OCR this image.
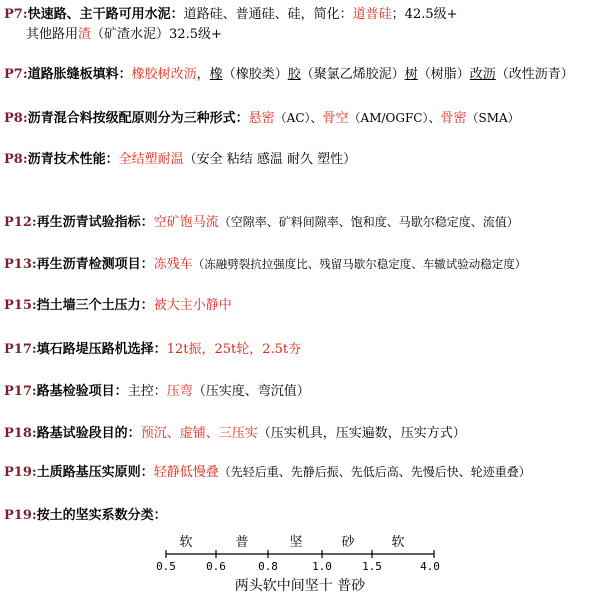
P7:快速路、主干路可用水泥：道路硅、普通硅、硅，简化：道普硅；42.5级+
其他路用渣（矿渣水泥）32.5级+
P7:道路胀缝板填料：橡胶树改沥，橡（橡胶类）胶（聚氯乙烯胶泥）树（树脂）改沥（改性沥青）
P8:沥青混合料按级配原则分为三种形式：悬密（AC）、骨空（AM/OGFC）、骨密（SMA）
P8:沥青技术性能：全结塑耐温（安全 粘结 感温 耐久 塑性）
P12:再生沥青试验指标：空矿饱马流（空隙率、矿料间隙率、饱和度、马歇尔稳定度、流值）
P13:再生沥青检测项目：冻残车（冻融劈裂抗拉强度比、残留马歇尔稳定度、车辙试验动稳定度）
P15:挡土墙三个土压力：被大主小静中
P17:填石路堤压路机选择：12t振，25t轮，2.5t夯
P17:路基检验项目：主控：压弯（压实度、弯沉值）
P18:路基试验段目的：预沉、虚铺、三压实（压实机具，压实遍数，压实方式）
P19:土质路基压实原则：轻静低慢叠（先轻后重、先静后振、先低后高、先慢后快、轮迹重叠）
P19:按土的坚实系数分类：
软	普	坚	砂	软
0.5	0.6	0.8	1.0	1.5	4.0
两头软中间坚十 普砂
